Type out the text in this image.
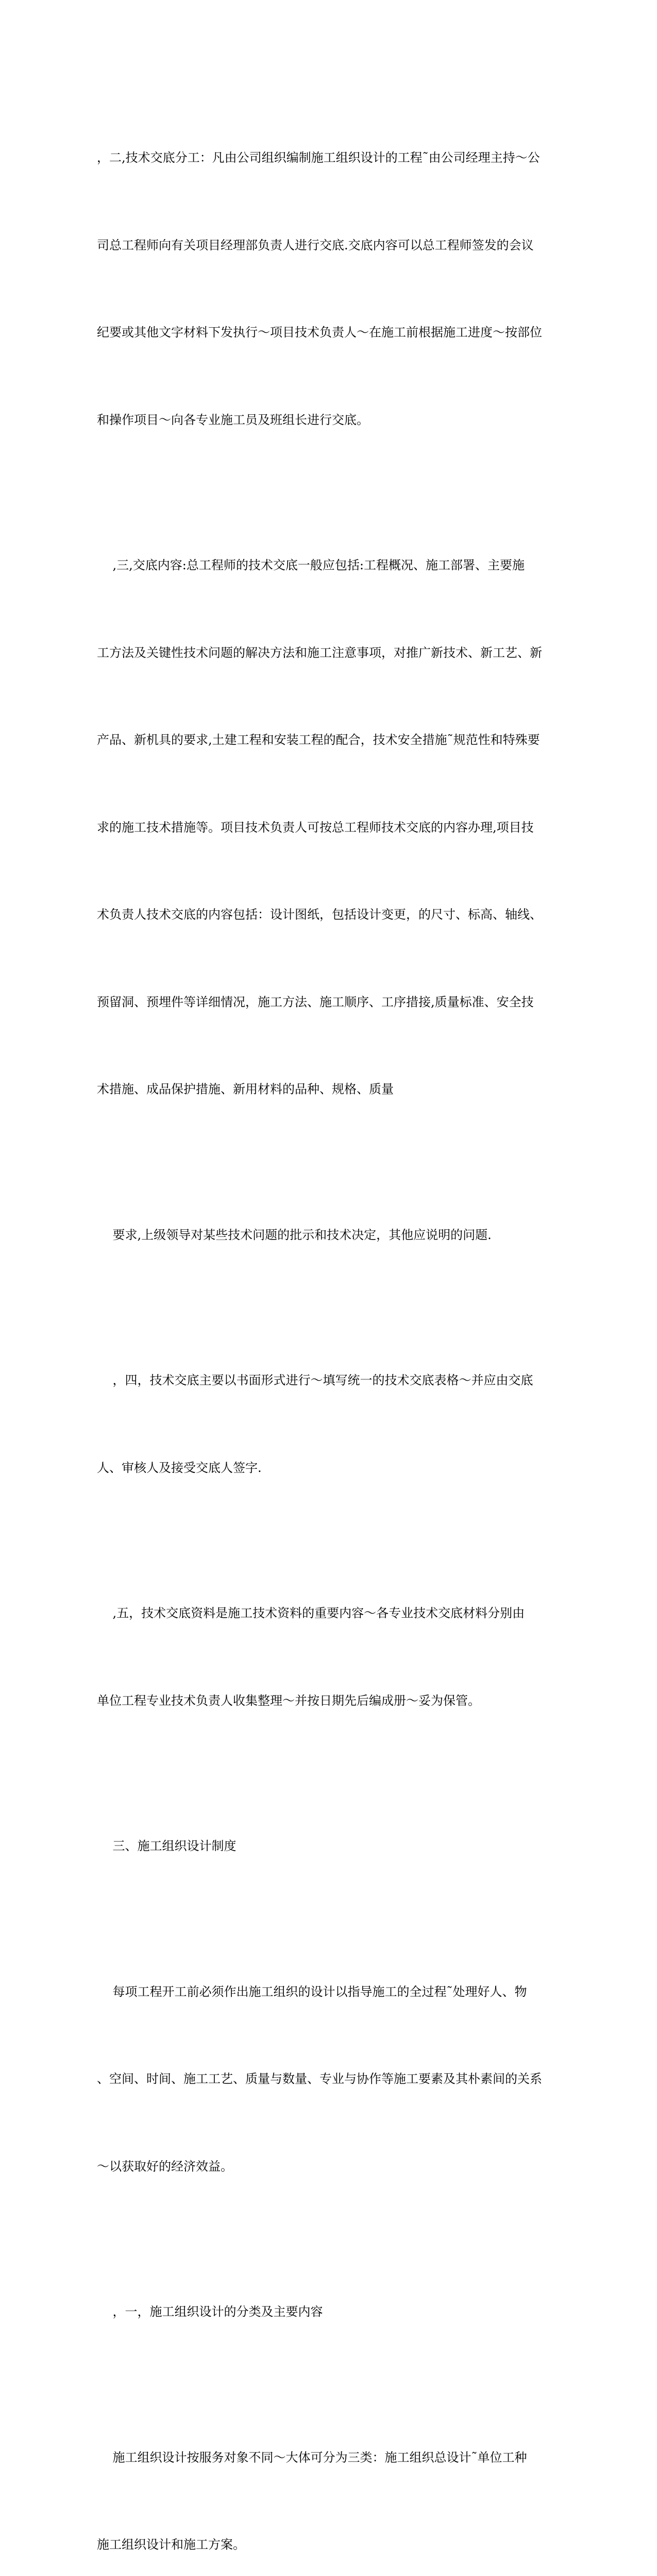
，二,技术交底分工：凡由公司组织编制施工组织设计的工程˜由公司经理主持～公

司总工程师向有关项目经理部负责人进行交底.交底内容可以总工程师签发的会议

纪要或其他文字材料下发执行～项目技术负责人～在施工前根据施工进度～按部位

和操作项目～向各专业施工员及班组长进行交底。

,三,交底内容:总工程师的技术交底一般应包括:工程概况、施工部署、主要施

工方法及关键性技术问题的解决方法和施工注意事项，对推广新技术、新工艺、新

产品、新机具的要求,土建工程和安装工程的配合，技术安全措施˜规范性和特殊要

求的施工技术措施等。项目技术负责人可按总工程师技术交底的内容办理,项目技

术负责人技术交底的内容包括：设计图纸，包括设计变更，的尺寸、标高、轴线、

预留洞、预埋件等详细情况，施工方法、施工顺序、工序措接,质量标准、安全技

术措施、成品保护措施、新用材料的品种、规格、质量

要求,上级领导对某些技术问题的批示和技术决定，其他应说明的问题.

，四，技术交底主要以书面形式进行～填写统一的技术交底表格～并应由交底

人、审核人及接受交底人签字.

,五，技术交底资料是施工技术资料的重要内容～各专业技术交底材料分别由

单位工程专业技术负责人收集整理～并按日期先后编成册～妥为保管。

三、施工组织设计制度

每项工程开工前必须作出施工组织的设计以指导施工的全过程˜处理好人、物

、空间、时间、施工工艺、质量与数量、专业与协作等施工要素及其朴素间的关系

～以获取好的经济效益。

，一，施工组织设计的分类及主要内容

施工组织设计按服务对象不同～大体可分为三类：施工组织总设计˜单位工种

施工组织设计和施工方案。
